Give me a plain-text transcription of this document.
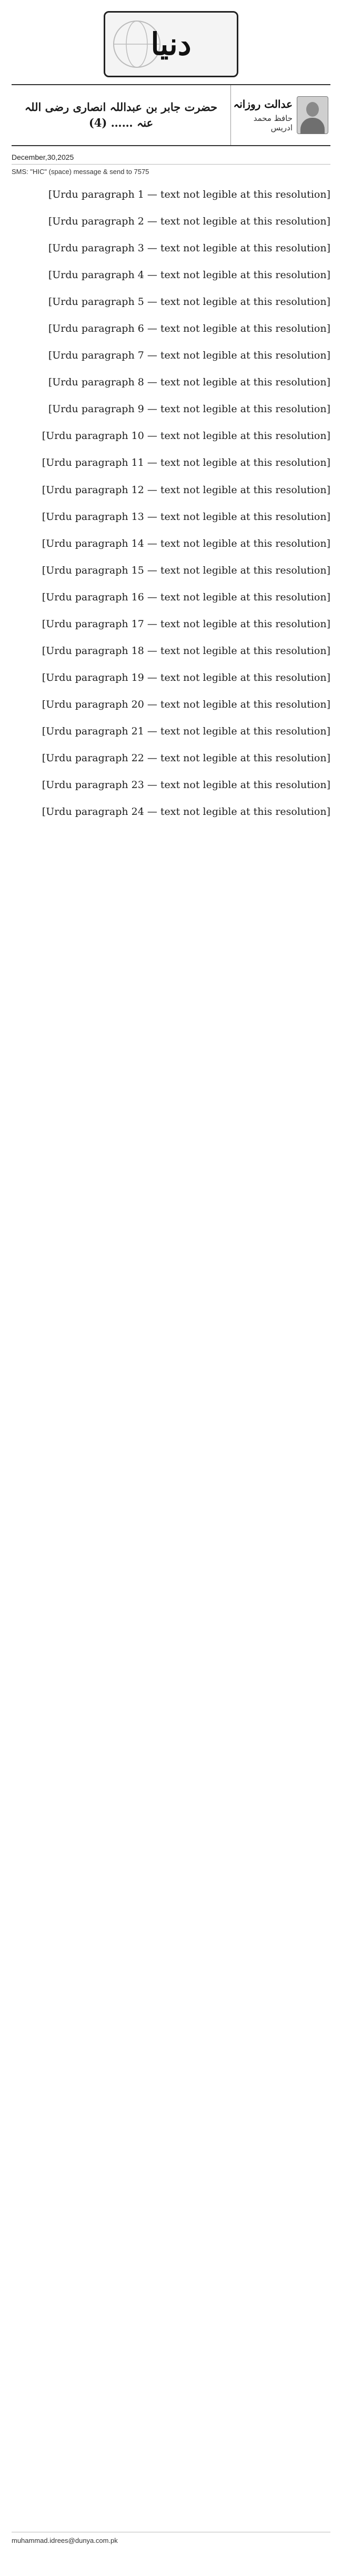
دنیا
عدالت روزانہ
حافظ محمد ادریس
حضرت جابر بن عبداللہ انصاری رضی اللہ عنہ …… (4)
December,30,2025
SMS: "HIC" (space) message & send to 7575

[Urdu paragraph 1 — text not legible at this resolution]

[Urdu paragraph 2 — text not legible at this resolution]

[Urdu paragraph 3 — text not legible at this resolution]

[Urdu paragraph 4 — text not legible at this resolution]

[Urdu paragraph 5 — text not legible at this resolution]

[Urdu paragraph 6 — text not legible at this resolution]

[Urdu paragraph 7 — text not legible at this resolution]

[Urdu paragraph 8 — text not legible at this resolution]

[Urdu paragraph 9 — text not legible at this resolution]

[Urdu paragraph 10 — text not legible at this resolution]

[Urdu paragraph 11 — text not legible at this resolution]

[Urdu paragraph 12 — text not legible at this resolution]

[Urdu paragraph 13 — text not legible at this resolution]

[Urdu paragraph 14 — text not legible at this resolution]

[Urdu paragraph 15 — text not legible at this resolution]

[Urdu paragraph 16 — text not legible at this resolution]

[Urdu paragraph 17 — text not legible at this resolution]

[Urdu paragraph 18 — text not legible at this resolution]

[Urdu paragraph 19 — text not legible at this resolution]

[Urdu paragraph 20 — text not legible at this resolution]

[Urdu paragraph 21 — text not legible at this resolution]

[Urdu paragraph 22 — text not legible at this resolution]

[Urdu paragraph 23 — text not legible at this resolution]

[Urdu paragraph 24 — text not legible at this resolution]

muhammad.idrees@dunya.com.pk
